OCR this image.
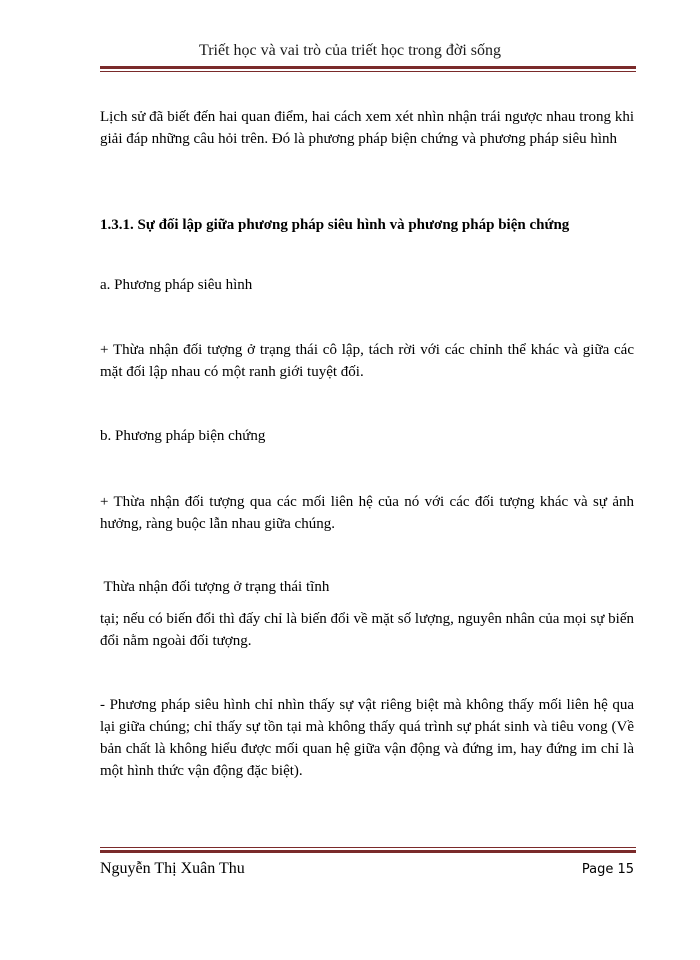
Triết học và vai trò của triết học trong đời sống

Lịch sử đã biết đến hai quan điểm, hai cách xem xét nhìn nhận trái ngược nhau trong khi giải đáp những câu hỏi trên. Đó là phương pháp biện chứng và phương pháp siêu hình

1.3.1. Sự đối lập giữa phương pháp siêu hình và phương pháp biện chứng

a. Phương pháp siêu hình

+ Thừa nhận đối tượng ở trạng thái cô lập, tách rời với các chỉnh thể khác và giữa các mặt đối lập nhau có một ranh giới tuyệt đối.

b. Phương pháp biện chứng

+ Thừa nhận đối tượng qua các mối liên hệ của nó với các đối tượng khác và sự ảnh hưởng, ràng buộc lẫn nhau giữa chúng.

Thừa nhận đối tượng ở trạng thái tĩnh

tại; nếu có biến đổi thì đấy chỉ là biến đổi về mặt số lượng, nguyên nhân của mọi sự biến đổi nằm ngoài đối tượng.

- Phương pháp siêu hình chỉ nhìn thấy sự vật riêng biệt mà không thấy mối liên hệ qua lại giữa chúng; chỉ thấy sự tồn tại mà không thấy quá trình sự phát sinh và tiêu vong (Về bản chất là không hiểu được mối quan hệ giữa vận động và đứng im, hay đứng im chỉ là một hình thức vận động đặc biệt).

Nguyễn Thị Xuân Thu	Page 15
